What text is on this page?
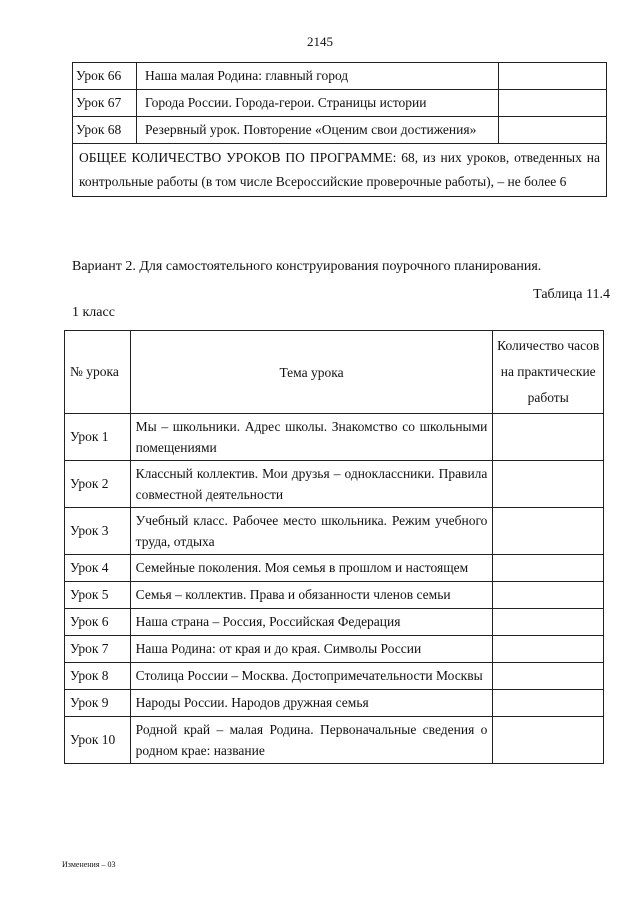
2145
Урок 66	Наша малая Родина: главный город	
Урок 67	Города России. Города-герои. Страницы истории	
Урок 68	Резервный урок. Повторение «Оценим свои достижения»	
ОБЩЕЕ КОЛИЧЕСТВО УРОКОВ ПО ПРОГРАММЕ: 68, из них уроков, отведенных на контрольные работы (в том числе Всероссийские проверочные работы), – не более 6		
Вариант 2. Для самостоятельного конструирования поурочного планирования.
Таблица 11.4
1 класс
№ урока	Тема урока	Количество часов на практические работы
Урок 1	Мы – школьники. Адрес школы. Знакомство со школьными помещениями	
Урок 2	Классный коллектив. Мои друзья – одноклассники. Правила совместной деятельности	
Урок 3	Учебный класс. Рабочее место школьника. Режим учебного труда, отдыха	
Урок 4	Семейные поколения. Моя семья в прошлом и настоящем	
Урок 5	Семья – коллектив. Права и обязанности членов семьи	
Урок 6	Наша страна – Россия, Российская Федерация	
Урок 7	Наша Родина: от края и до края. Символы России	
Урок 8	Столица России – Москва. Достопримечательности Москвы	
Урок 9	Народы России. Народов дружная семья	
Урок 10	Родной край – малая Родина. Первоначальные сведения о родном крае: название	
Изменения – 03
